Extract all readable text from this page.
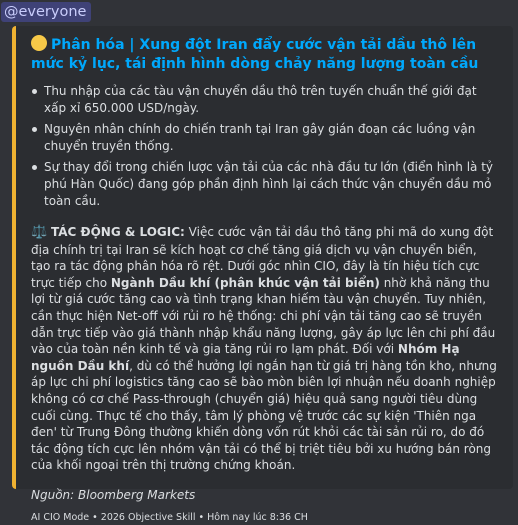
@everyone
Phân hóa | Xung đột Iran đẩy cước vận tải dầu thô lên mức kỷ lục, tái định hình dòng chảy năng lượng toàn cầu
Thu nhập của các tàu vận chuyển dầu thô trên tuyến chuẩn thế giới đạt xấp xỉ 650.000 USD/ngày.
Nguyên nhân chính do chiến tranh tại Iran gây gián đoạn các luồng vận chuyển truyền thống.
Sự thay đổi trong chiến lược vận tải của các nhà đầu tư lớn (điển hình là tỷ phú Hàn Quốc) đang góp phần định hình lại cách thức vận chuyển dầu mỏ toàn cầu.
⚖️ TÁC ĐỘNG & LOGIC: Việc cước vận tải dầu thô tăng phi mã do xung đột địa chính trị tại Iran sẽ kích hoạt cơ chế tăng giá dịch vụ vận chuyển biển, tạo ra tác động phân hóa rõ rệt. Dưới góc nhìn CIO, đây là tín hiệu tích cực trực tiếp cho Ngành Dầu khí (phân khúc vận tải biển) nhờ khả năng thu lợi từ giá cước tăng cao và tình trạng khan hiếm tàu vận chuyển. Tuy nhiên, cần thực hiện Net-off với rủi ro hệ thống: chi phí vận tải tăng cao sẽ truyền dẫn trực tiếp vào giá thành nhập khẩu năng lượng, gây áp lực lên chi phí đầu vào của toàn nền kinh tế và gia tăng rủi ro lạm phát. Đối với Nhóm Hạ nguồn Dầu khí, dù có thể hưởng lợi ngắn hạn từ giá trị hàng tồn kho, nhưng áp lực chi phí logistics tăng cao sẽ bào mòn biên lợi nhuận nếu doanh nghiệp không có cơ chế Pass-through (chuyển giá) hiệu quả sang người tiêu dùng cuối cùng. Thực tế cho thấy, tâm lý phòng vệ trước các sự kiện 'Thiên nga đen' từ Trung Đông thường khiến dòng vốn rút khỏi các tài sản rủi ro, do đó tác động tích cực lên nhóm vận tải có thể bị triệt tiêu bởi xu hướng bán ròng của khối ngoại trên thị trường chứng khoán.
Nguồn: Bloomberg Markets
AI CIO Mode • 2026 Objective Skill • Hôm nay lúc 8:36 CH
